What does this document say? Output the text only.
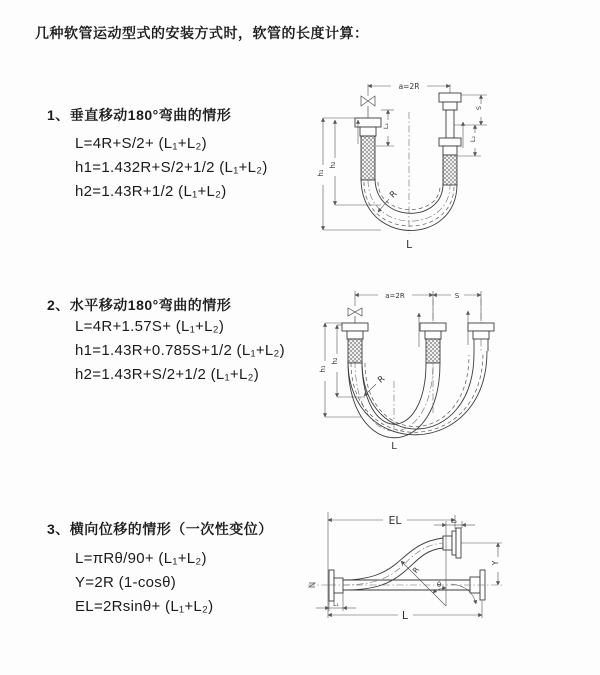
几种软管运动型式的安装方式时，软管的长度计算：
1、垂直移动180°弯曲的情形
L=4R+S/2+ (L₁+L₂)
h1=1.432R+S/2+1/2 (L₁+L₂)
h2=1.43R+1/2 (L₁+L₂)
2、水平移动180°弯曲的情形
L=4R+1.57S+ (L₁+L₂)
h1=1.43R+0.785S+1/2 (L₁+L₂)
h2=1.43R+S/2+1/2 (L₁+L₂)
3、横向位移的情形（一次性变位）
L=πRθ/90+ (L₁+L₂)
Y=2R (1-cosθ)
EL=2Rsinθ+ (L₁+L₂)
a=2R
h₁
h₂
L₁
S
L₂
R
L
a=2R	S
h₁
h₂
R
L
EL	L₂
R
θ
Y
L
L₁
